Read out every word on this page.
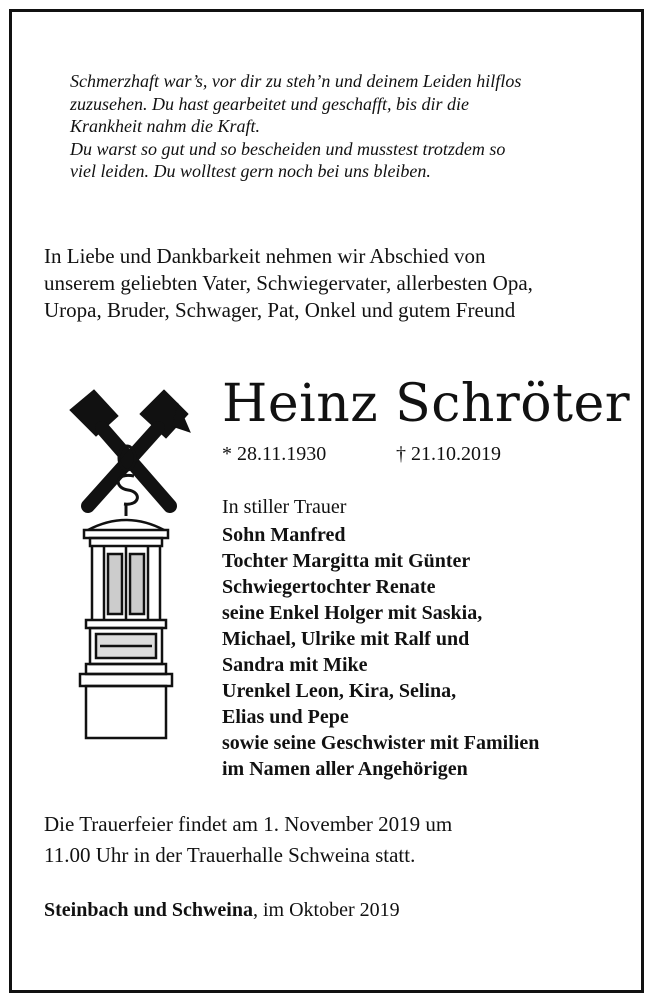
Schmerzhaft war’s, vor dir zu steh’n und deinem Leiden hilflos
zuzusehen. Du hast gearbeitet und geschafft, bis dir die
Krankheit nahm die Kraft.
Du warst so gut und so bescheiden und musstest trotzdem so
viel leiden. Du wolltest gern noch bei uns bleiben.
In Liebe und Dankbarkeit nehmen wir Abschied von
unserem geliebten Vater, Schwiegervater, allerbesten Opa,
Uropa, Bruder, Schwager, Pat, Onkel und gutem Freund
Heinz Schröter
* 28.11.1930	† 21.10.2019
In stiller Trauer
Sohn Manfred
Tochter Margitta mit Günter
Schwiegertochter Renate
seine Enkel Holger mit Saskia,
Michael, Ulrike mit Ralf und
Sandra mit Mike
Urenkel Leon, Kira, Selina,
Elias und Pepe
sowie seine Geschwister mit Familien
im Namen aller Angehörigen
Die Trauerfeier findet am 1. November 2019 um
11.00 Uhr in der Trauerhalle Schweina statt.
Steinbach und Schweina, im Oktober 2019
